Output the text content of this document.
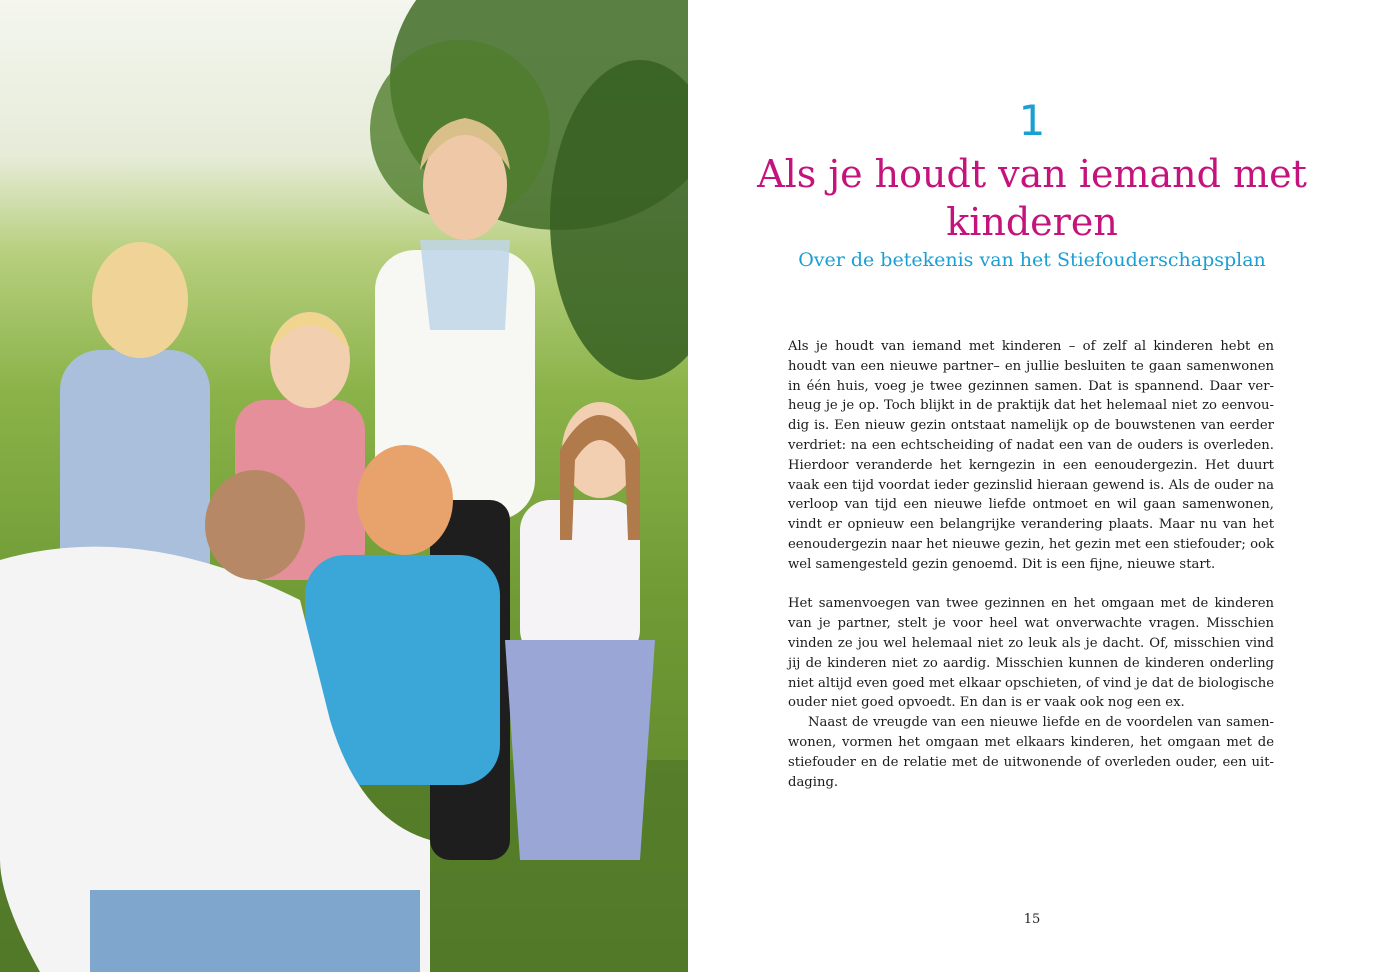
1
Als je houdt van iemand met kinderen
Over de betekenis van het Stiefouderschapsplan

Als je houdt van iemand met kinderen – of zelf al kinderen hebt en houdt van een nieuwe partner– en jullie besluiten te gaan samenwonen in één huis, voeg je twee gezinnen samen. Dat is spannend. Daar verheug je je op. Toch blijkt in de praktijk dat het helemaal niet zo eenvoudig is. Een nieuw gezin ontstaat namelijk op de bouwstenen van eerder verdriet: na een echtscheiding of nadat een van de ouders is overleden. Hierdoor veranderde het kerngezin in een eenoudergezin. Het duurt vaak een tijd voordat ieder gezinslid hieraan gewend is. Als de ouder na verloop van tijd een nieuwe liefde ontmoet en wil gaan samenwonen, vindt er opnieuw een belangrijke verandering plaats. Maar nu van het eenoudergezin naar het nieuwe gezin, het gezin met een stiefouder; ook wel samengesteld gezin genoemd. Dit is een fijne, nieuwe start.

Het samenvoegen van twee gezinnen en het omgaan met de kinderen van je partner, stelt je voor heel wat onverwachte vragen. Misschien vinden ze jou wel helemaal niet zo leuk als je dacht. Of, misschien vind jij de kinderen niet zo aardig. Misschien kunnen de kinderen onderling niet altijd even goed met elkaar opschieten, of vind je dat de biologische ouder niet goed opvoedt. En dan is er vaak ook nog een ex.

Naast de vreugde van een nieuwe liefde en de voordelen van samenwonen, vormen het omgaan met elkaars kinderen, het omgaan met de stiefouder en de relatie met de uitwonende of overleden ouder, een uitdaging.

15
